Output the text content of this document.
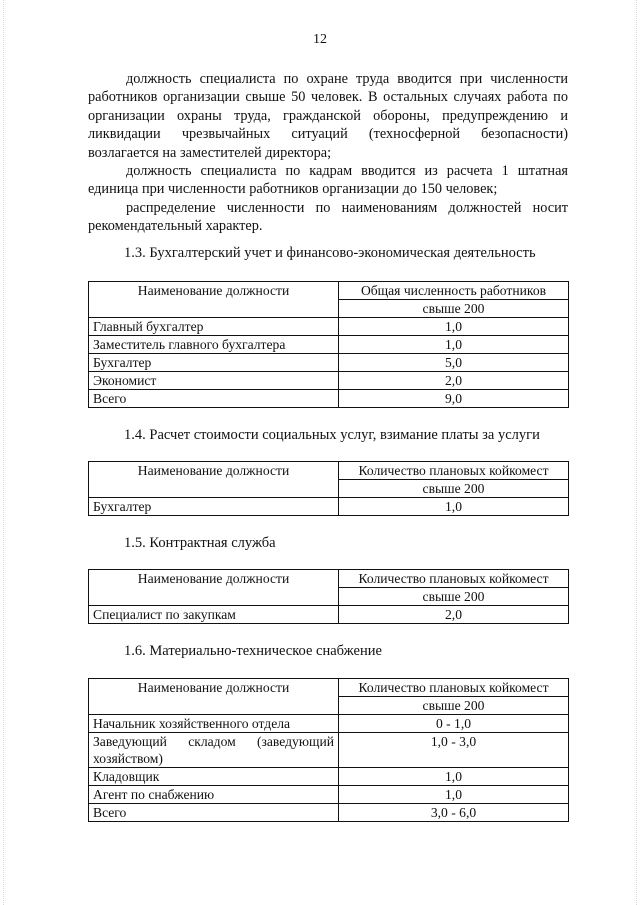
12

должность специалиста по охране труда вводится при численности работников организации свыше 50 человек. В остальных случаях работа по организации охраны труда, гражданской обороны, предупреждению и ликвидации чрезвычайных ситуаций (техносферной безопасности) возлагается на заместителей директора;

должность специалиста по кадрам вводится из расчета 1 штатная единица при численности работников организации до 150 человек;

распределение численности по наименованиям должностей носит рекомендательный характер.

1.3. Бухгалтерский учет и финансово-экономическая деятельность
Наименование должности	Общая численность работников
	свыше 200
Главный бухгалтер	1,0
Заместитель главного бухгалтера	1,0
Бухгалтер	5,0
Экономист	2,0
Всего	9,0
1.4. Расчет стоимости социальных услуг, взимание платы за услуги
Наименование должности	Количество плановых койкомест
	свыше 200
Бухгалтер	1,0
1.5. Контрактная служба
Наименование должности	Количество плановых койкомест
	свыше 200
Специалист по закупкам	2,0
1.6. Материально-техническое снабжение
Наименование должности	Количество плановых койкомест
	свыше 200
Начальник хозяйственного отдела	0 - 1,0
Заведующий складом (заведующий хозяйством)	1,0 - 3,0
Кладовщик	1,0
Агент по снабжению	1,0
Всего	3,0 - 6,0
